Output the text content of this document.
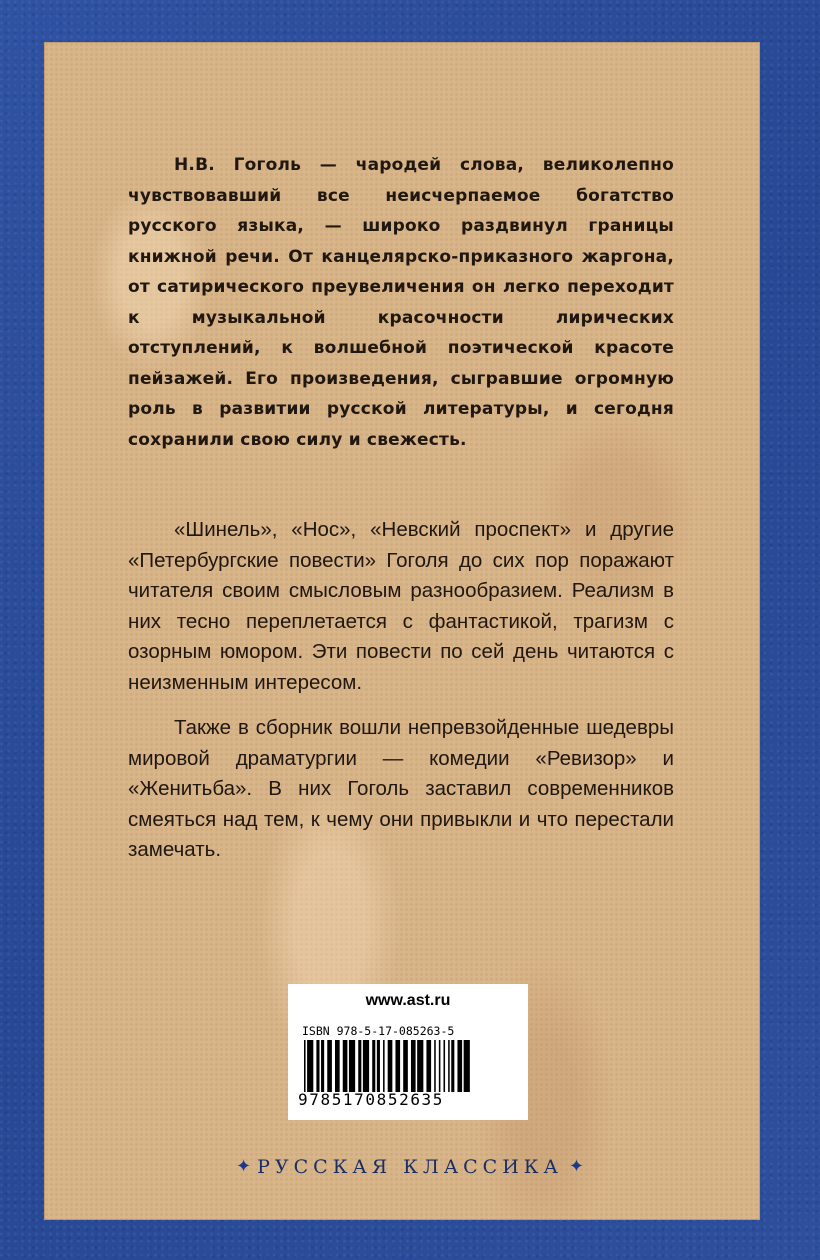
Н.В. Гоголь — чародей слова, великолепно чувствовавший все неисчерпаемое богатство русского языка, — широко раздвинул границы книжной речи. От канцелярско-приказного жаргона, от сатирического преувеличения он легко переходит к музыкальной красочности лирических отступлений, к волшебной поэтической красоте пейзажей. Его произведения, сыгравшие огромную роль в развитии русской литературы, и сегодня сохранили свою силу и свежесть.
«Шинель», «Нос», «Невский проспект» и другие «Петербургские повести» Гоголя до сих пор поражают читателя своим смысловым разнообразием. Реализм в них тесно переплетается с фантастикой, трагизм с озорным юмором. Эти повести по сей день читаются с неизменным интересом.
Также в сборник вошли непревзойденные шедевры мировой драматургии — комедии «Ревизор» и «Женитьба». В них Гоголь заставил современников смеяться над тем, к чему они привыкли и что перестали замечать.
www.ast.ru
ISBN 978-5-17-085263-5
9785170852635
✦ РУССКАЯ КЛАССИКА ✦
